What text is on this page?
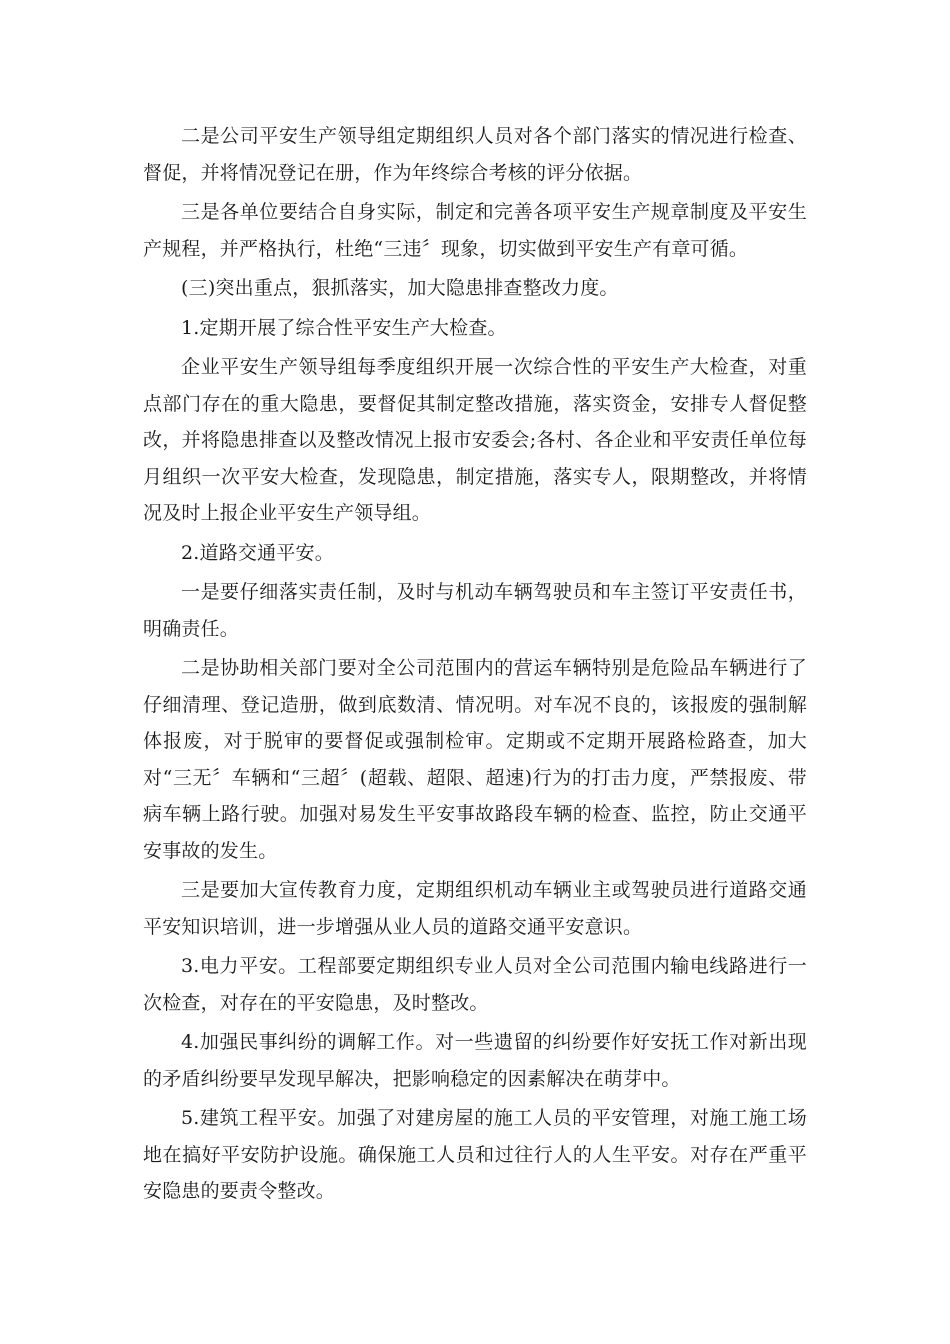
二是公司平安生产领导组定期组织人员对各个部门落实的情况进行检查、督促，并将情况登记在册，作为年终综合考核的评分依据。

三是各单位要结合自身实际，制定和完善各项平安生产规章制度及平安生产规程，并严格执行，杜绝“三违〞现象，切实做到平安生产有章可循。

(三)突出重点，狠抓落实，加大隐患排查整改力度。

1.定期开展了综合性平安生产大检查。

企业平安生产领导组每季度组织开展一次综合性的平安生产大检查，对重点部门存在的重大隐患，要督促其制定整改措施，落实资金，安排专人督促整改，并将隐患排查以及整改情况上报市安委会;各村、各企业和平安责任单位每月组织一次平安大检查，发现隐患，制定措施，落实专人，限期整改，并将情况及时上报企业平安生产领导组。

2.道路交通平安。

一是要仔细落实责任制，及时与机动车辆驾驶员和车主签订平安责任书，明确责任。

二是协助相关部门要对全公司范围内的营运车辆特别是危险品车辆进行了仔细清理、登记造册，做到底数清、情况明。对车况不良的，该报废的强制解体报废，对于脱审的要督促或强制检审。定期或不定期开展路检路查，加大对“三无〞车辆和“三超〞(超载、超限、超速)行为的打击力度，严禁报废、带病车辆上路行驶。加强对易发生平安事故路段车辆的检查、监控，防止交通平安事故的发生。

三是要加大宣传教育力度，定期组织机动车辆业主或驾驶员进行道路交通平安知识培训，进一步增强从业人员的道路交通平安意识。

3.电力平安。工程部要定期组织专业人员对全公司范围内输电线路进行一次检查，对存在的平安隐患，及时整改。

4.加强民事纠纷的调解工作。对一些遗留的纠纷要作好安抚工作对新出现的矛盾纠纷要早发现早解决，把影响稳定的因素解决在萌芽中。

5.建筑工程平安。加强了对建房屋的施工人员的平安管理，对施工施工场地在搞好平安防护设施。确保施工人员和过往行人的人生平安。对存在严重平安隐患的要责令整改。
